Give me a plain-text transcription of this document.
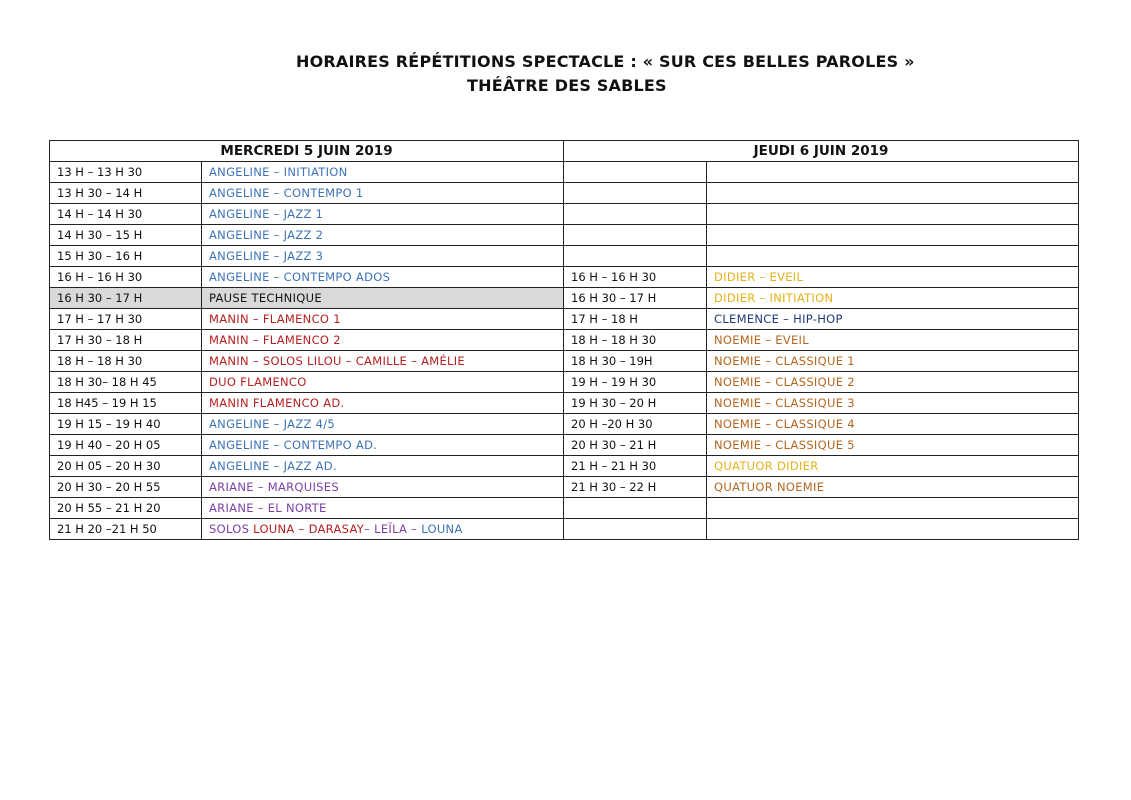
HORAIRES RÉPÉTITIONS SPECTACLE : « SUR CES BELLES PAROLES »
THÉÂTRE DES SABLES
MERCREDI 5 JUIN 2019		JEUDI 6 JUIN 2019	
13 H – 13 H 30	ANGELINE – INITIATION		
13 H 30 – 14 H	ANGELINE – CONTEMPO 1		
14 H – 14 H 30	ANGELINE – JAZZ 1		
14 H 30 – 15 H	ANGELINE – JAZZ 2		
15 H 30 – 16 H	ANGELINE – JAZZ 3		
16 H – 16 H 30	ANGELINE – CONTEMPO ADOS	16 H – 16 H 30	DIDIER – EVEIL
16 H 30 – 17 H	PAUSE TECHNIQUE	16 H 30 – 17 H	DIDIER – INITIATION
17 H – 17 H 30	MANIN – FLAMENCO 1	17 H – 18 H	CLEMENCE – HIP-HOP
17 H 30 – 18 H	MANIN – FLAMENCO 2	18 H – 18 H 30	NOEMIE – EVEIL
18 H – 18 H 30	MANIN – SOLOS LILOU – CAMILLE – AMÉLIE	18 H 30 – 19H	NOEMIE – CLASSIQUE 1
18 H 30– 18 H 45	DUO FLAMENCO	19 H – 19 H 30	NOEMIE – CLASSIQUE 2
18 H45 – 19 H 15	MANIN FLAMENCO AD.	19 H 30 – 20 H	NOEMIE – CLASSIQUE 3
19 H 15 – 19 H 40	ANGELINE – JAZZ 4/5	20 H –20 H 30	NOEMIE – CLASSIQUE 4
19 H 40 – 20 H 05	ANGELINE – CONTEMPO AD.	20 H 30 – 21 H	NOEMIE – CLASSIQUE 5
20 H 05 – 20 H 30	ANGELINE – JAZZ AD.	21 H – 21 H 30	QUATUOR DIDIER
20 H 30 – 20 H 55	ARIANE – MARQUISES	21 H 30 – 22 H	QUATUOR NOEMIE
20 H 55 – 21 H 20	ARIANE – EL NORTE		
21 H 20 –21 H 50	SOLOS LOUNA – DARASAY– LEÏLA – LOUNA		
